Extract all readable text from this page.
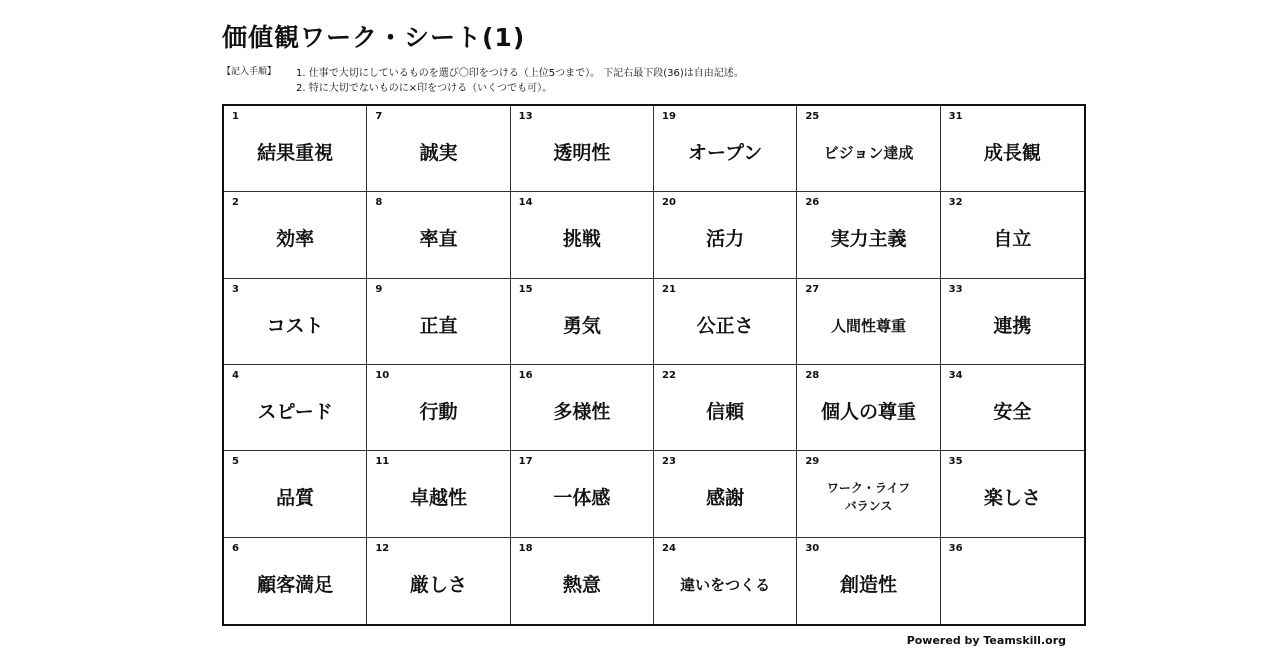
価値観ワーク・シート(1)
【記入手順】 1. 仕事で大切にしているものを選び〇印をつける（上位5つまで）。 下記右最下段(36)は自由記述。
2. 特に大切でないものに×印をつける（いくつでも可）。
1
結果重視
2
効率
3
コスト
4
スピード
5
品質
6
顧客満足
7
誠実
8
率直
9
正直
10
行動
11
卓越性
12
厳しさ
13
透明性
14
挑戦
15
勇気
16
多様性
17
一体感
18
熱意
19
オープン
20
活力
21
公正さ
22
信頼
23
感謝
24
違いをつくる
25
ビジョン達成
26
実力主義
27
人間性尊重
28
個人の尊重
29
ワーク・ライフ
バランス
30
創造性
31
成長観
32
自立
33
連携
34
安全
35
楽しさ
36
Powered by Teamskill.org
